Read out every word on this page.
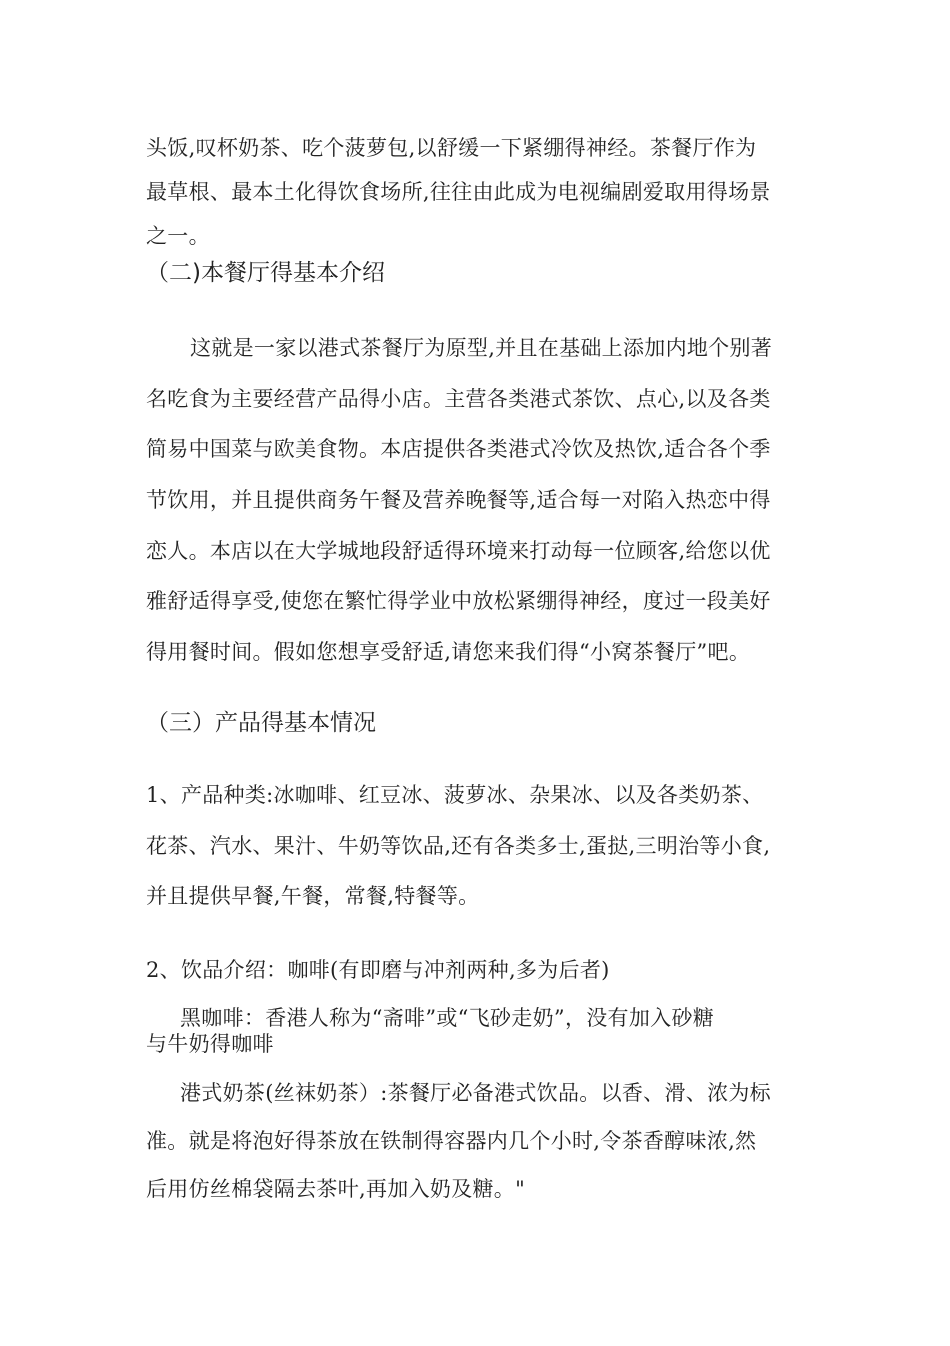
头饭,叹杯奶茶、吃个菠萝包,以舒缓一下紧绷得神经。茶餐厅作为
最草根、最本土化得饮食场所,往往由此成为电视编剧爱取用得场景
之一。
（二)本餐厅得基本介绍
这就是一家以港式茶餐厅为原型,并且在基础上添加内地个别著
名吃食为主要经营产品得小店。主营各类港式茶饮、点心,以及各类
简易中国菜与欧美食物。本店提供各类港式冷饮及热饮,适合各个季
节饮用，并且提供商务午餐及营养晚餐等,适合每一对陷入热恋中得
恋人。本店以在大学城地段舒适得环境来打动每一位顾客,给您以优
雅舒适得享受,使您在繁忙得学业中放松紧绷得神经，度过一段美好
得用餐时间。假如您想享受舒适,请您来我们得“小窝茶餐厅”吧。
（三）产品得基本情况
1、产品种类:冰咖啡、红豆冰、菠萝冰、杂果冰、以及各类奶茶、
花茶、汽水、果汁、牛奶等饮品,还有各类多士,蛋挞,三明治等小食,
并且提供早餐,午餐，常餐,特餐等。
2、饮品介绍：咖啡(有即磨与冲剂两种,多为后者)
黑咖啡：香港人称为“斋啡”或“飞砂走奶”，没有加入砂糖
与牛奶得咖啡
港式奶茶(丝袜奶茶）:茶餐厅必备港式饮品。以香、滑、浓为标
准。就是将泡好得茶放在铁制得容器内几个小时,令茶香醇味浓,然
后用仿丝棉袋隔去茶叶,再加入奶及糖。"
